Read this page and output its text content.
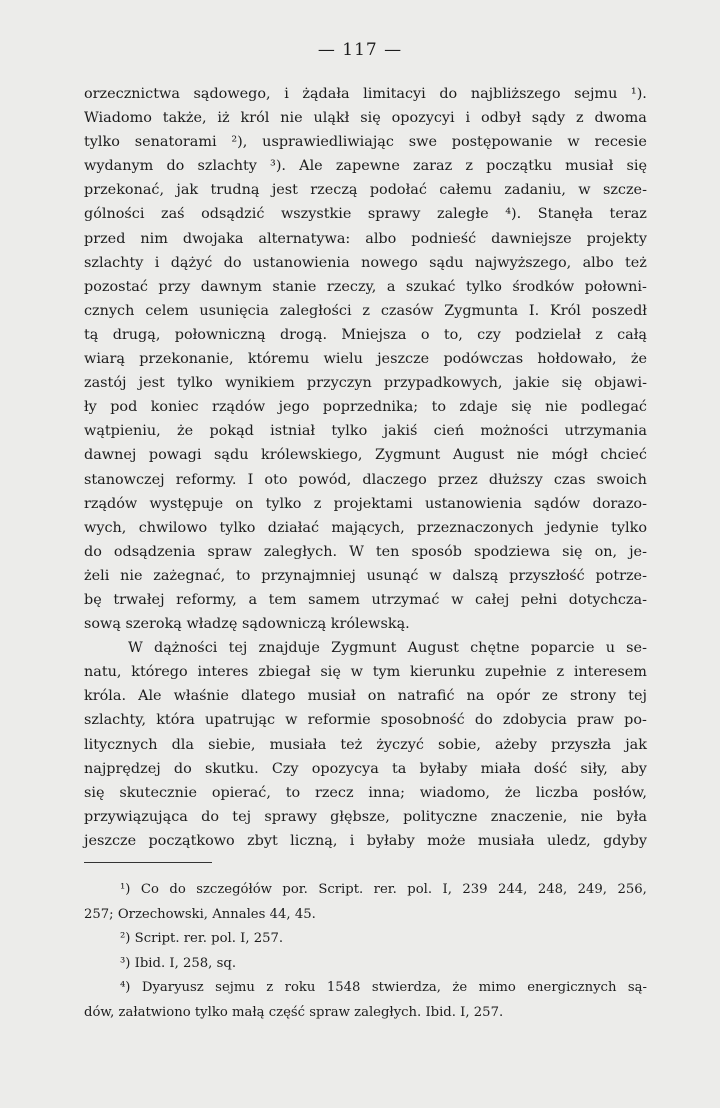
— 117 —
orzecznictwa sądowego, i żądała limitacyi do najbliższego sejmu ¹).
Wiadomo także, iż król nie uląkł się opozycyi i odbył sądy z dwoma
tylko senatorami ²), usprawiedliwiając swe postępowanie w recesie
wydanym do szlachty ³). Ale zapewne zaraz z początku musiał się
przekonać, jak trudną jest rzeczą podołać całemu zadaniu, w szcze-
gólności zaś odsądzić wszystkie sprawy zaległe ⁴). Stanęła teraz
przed nim dwojaka alternatywa: albo podnieść dawniejsze projekty
szlachty i dążyć do ustanowienia nowego sądu najwyższego, albo też
pozostać przy dawnym stanie rzeczy, a szukać tylko środków połowni-
cznych celem usunięcia zaległości z czasów Zygmunta I. Król poszedł
tą drugą, połowniczną drogą. Mniejsza o to, czy podzielał z całą
wiarą przekonanie, któremu wielu jeszcze podówczas hołdowało, że
zastój jest tylko wynikiem przyczyn przypadkowych, jakie się objawi-
ły pod koniec rządów jego poprzednika; to zdaje się nie podlegać
wątpieniu, że pokąd istniał tylko jakiś cień możności utrzymania
dawnej powagi sądu królewskiego, Zygmunt August nie mógł chcieć
stanowczej reformy. I oto powód, dlaczego przez dłuższy czas swoich
rządów występuje on tylko z projektami ustanowienia sądów dorazo-
wych, chwilowo tylko działać mających, przeznaczonych jedynie tylko
do odsądzenia spraw zaległych. W ten sposób spodziewa się on, je-
żeli nie zażegnać, to przynajmniej usunąć w dalszą przyszłość potrze-
bę trwałej reformy, a tem samem utrzymać w całej pełni dotychcza-
sową szeroką władzę sądowniczą królewską.
W dążności tej znajduje Zygmunt August chętne poparcie u se-
natu, którego interes zbiegał się w tym kierunku zupełnie z interesem
króla. Ale właśnie dlatego musiał on natrafić na opór ze strony tej
szlachty, która upatrując w reformie sposobność do zdobycia praw po-
litycznych dla siebie, musiała też życzyć sobie, ażeby przyszła jak
najprędzej do skutku. Czy opozycya ta byłaby miała dość siły, aby
się skutecznie opierać, to rzecz inna; wiadomo, że liczba posłów,
przywiązująca do tej sprawy głębsze, polityczne znaczenie, nie była
jeszcze początkowo zbyt liczną, i byłaby może musiała uledz, gdyby
¹) Co do szczegółów por. Script. rer. pol. I, 239 244, 248, 249, 256,
257; Orzechowski, Annales 44, 45.
²) Script. rer. pol. I, 257.
³) Ibid. I, 258, sq.
⁴) Dyaryusz sejmu z roku 1548 stwierdza, że mimo energicznych są-
dów, załatwiono tylko małą część spraw zaległych. Ibid. I, 257.
